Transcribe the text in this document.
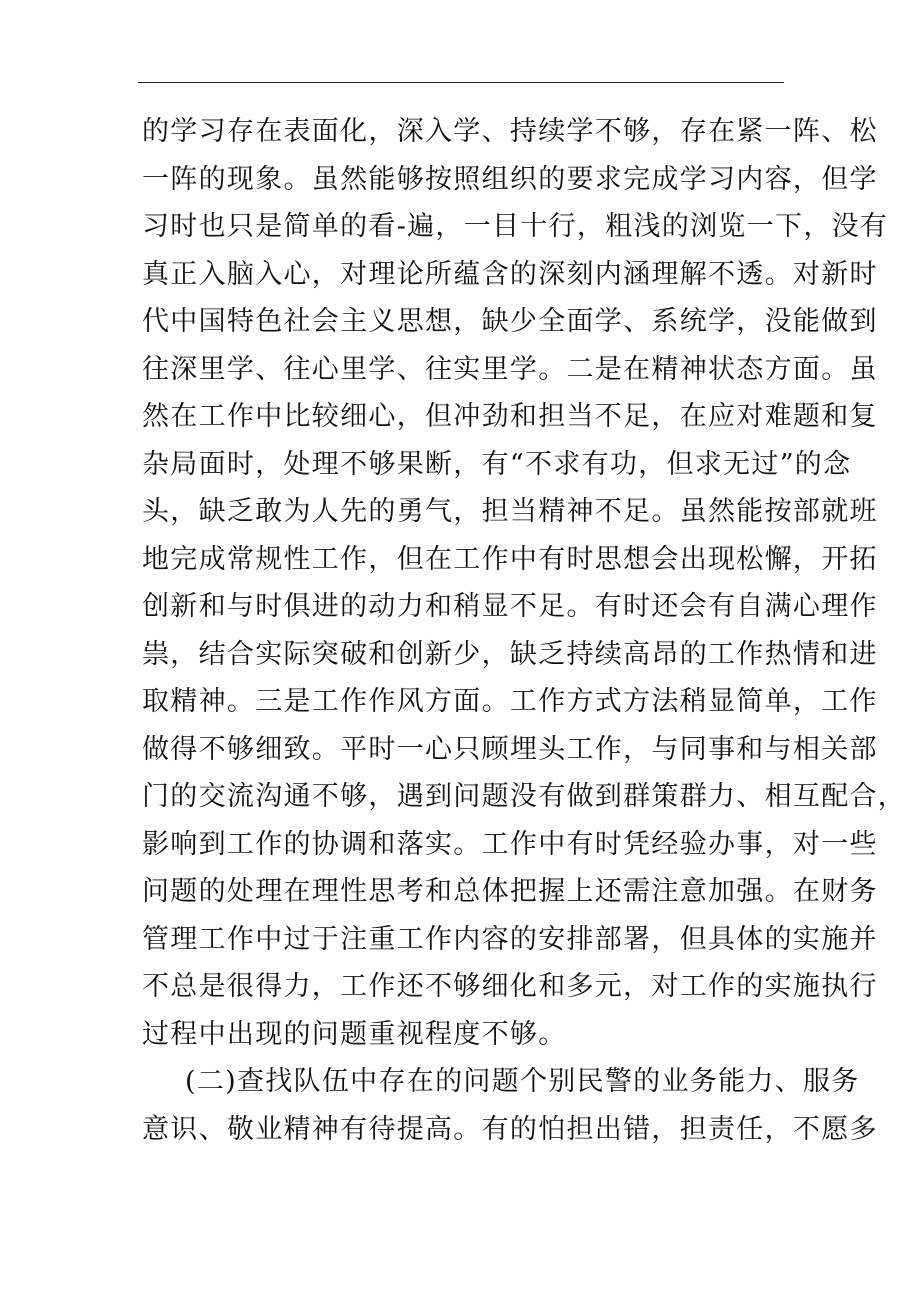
的学习存在表面化，深入学、持续学不够，存在紧一阵、松
一阵的现象。虽然能够按照组织的要求完成学习内容，但学
习时也只是简单的看-遍，一目十行，粗浅的浏览一下，没有
真正入脑入心，对理论所蕴含的深刻内涵理解不透。对新时
代中国特色社会主义思想，缺少全面学、系统学，没能做到
往深里学、往心里学、往实里学。二是在精神状态方面。虽
然在工作中比较细心，但冲劲和担当不足，在应对难题和复
杂局面时，处理不够果断，有“不求有功，但求无过”的念
头，缺乏敢为人先的勇气，担当精神不足。虽然能按部就班
地完成常规性工作，但在工作中有时思想会出现松懈，开拓
创新和与时俱进的动力和稍显不足。有时还会有自满心理作
祟，结合实际突破和创新少，缺乏持续高昂的工作热情和进
取精神。三是工作作风方面。工作方式方法稍显简单，工作
做得不够细致。平时一心只顾埋头工作，与同事和与相关部
门的交流沟通不够，遇到问题没有做到群策群力、相互配合，
影响到工作的协调和落实。工作中有时凭经验办事，对一些
问题的处理在理性思考和总体把握上还需注意加强。在财务
管理工作中过于注重工作内容的安排部署，但具体的实施并
不总是很得力，工作还不够细化和多元，对工作的实施执行
过程中出现的问题重视程度不够。
(二)查找队伍中存在的问题个别民警的业务能力、服务
意识、敬业精神有待提高。有的怕担出错，担责任，不愿多
